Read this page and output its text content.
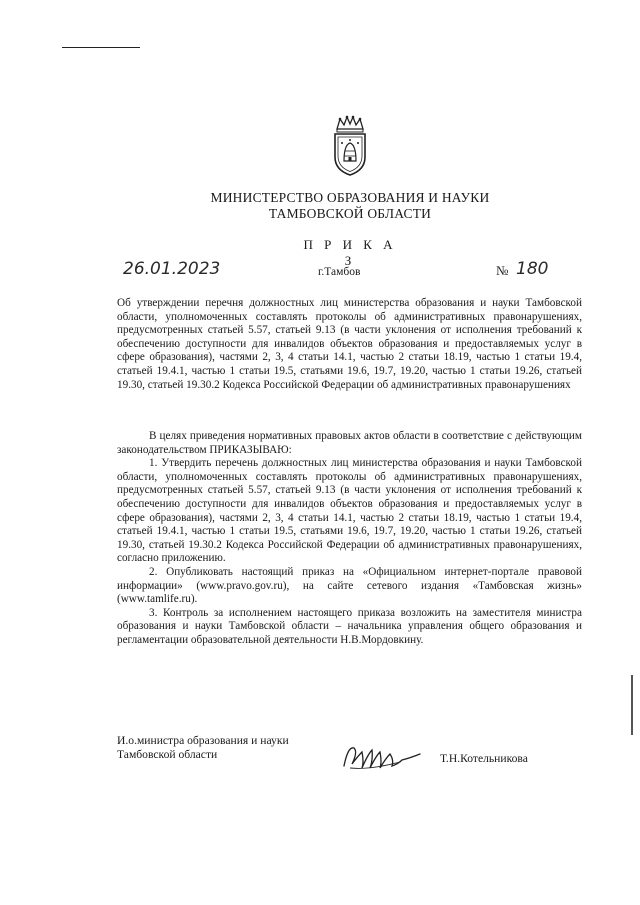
МИНИСТЕРСТВО ОБРАЗОВАНИЯ И НАУКИ
ТАМБОВСКОЙ ОБЛАСТИ
П Р И К А З
26.01.2023	г.Тамбов	№ 180

Об утверждении перечня должностных лиц министерства образования и науки Тамбовской области, уполномоченных составлять протоколы об административных правонарушениях, предусмотренных статьей 5.57, статьей 9.13 (в части уклонения от исполнения требований к обеспечению доступности для инвалидов объектов образования и предоставляемых услуг в сфере образования), частями 2, 3, 4 статьи 14.1, частью 2 статьи 18.19, частью 1 статьи 19.4, статьей 19.4.1, частью 1 статьи 19.5, статьями 19.6, 19.7, 19.20, частью 1 статьи 19.26, статьей 19.30, статьей 19.30.2 Кодекса Российской Федерации об административных правонарушениях

В целях приведения нормативных правовых актов области в соответствие с действующим законодательством ПРИКАЗЫВАЮ:

1. Утвердить перечень должностных лиц министерства образования и науки Тамбовской области, уполномоченных составлять протоколы об административных правонарушениях, предусмотренных статьей 5.57, статьей 9.13 (в части уклонения от исполнения требований к обеспечению доступности для инвалидов объектов образования и предоставляемых услуг в сфере образования), частями 2, 3, 4 статьи 14.1, частью 2 статьи 18.19, частью 1 статьи 19.4, статьей 19.4.1, частью 1 статьи 19.5, статьями 19.6, 19.7, 19.20, частью 1 статьи 19.26, статьей 19.30, статьей 19.30.2 Кодекса Российской Федерации об административных правонарушениях, согласно приложению.

2. Опубликовать настоящий приказ на «Официальном интернет-портале правовой информации» (www.pravo.gov.ru), на сайте сетевого издания «Тамбовская жизнь» (www.tamlife.ru).

3. Контроль за исполнением настоящего приказа возложить на заместителя министра образования и науки Тамбовской области – начальника управления общего образования и регламентации образовательной деятельности Н.В.Мордовкину.

И.о.министра образования и науки
Тамбовской области	Т.Н.Котельникова
